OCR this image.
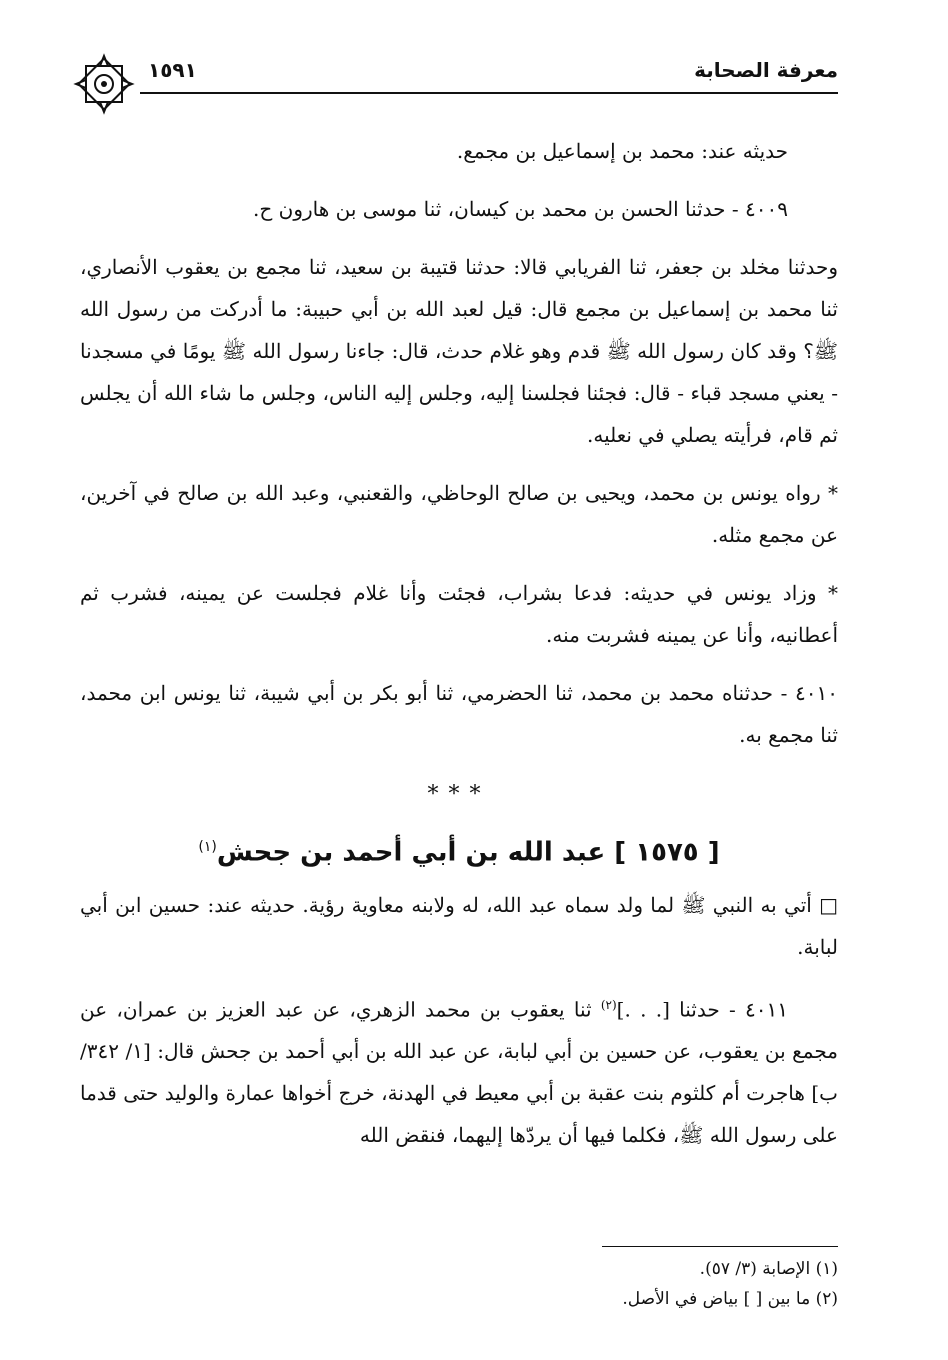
معرفة الصحابة
١٥٩١

حديثه عند: محمد بن إسماعيل بن مجمع.

٤٠٠٩ - حدثنا الحسن بن محمد بن كيسان، ثنا موسى بن هارون ح.

وحدثنا مخلد بن جعفر، ثنا الفريابي قالا: حدثنا قتيبة بن سعيد، ثنا مجمع بن يعقوب الأنصاري، ثنا محمد بن إسماعيل بن مجمع قال: قيل لعبد الله بن أبي حبيبة: ما أدركت من رسول الله ﷺ؟ وقد كان رسول الله ﷺ قدم وهو غلام حدث، قال: جاءنا رسول الله ﷺ يومًا في مسجدنا - يعني مسجد قباء - قال: فجئنا فجلسنا إليه، وجلس إليه الناس، وجلس ما شاء الله أن يجلس ثم قام، فرأيته يصلي في نعليه.

* رواه يونس بن محمد، ويحيى بن صالح الوحاظي، والقعنبي، وعبد الله بن صالح في آخرين، عن مجمع مثله.

* وزاد يونس في حديثه: فدعا بشراب، فجئت وأنا غلام فجلست عن يمينه، فشرب ثم أعطانيه، وأنا عن يمينه فشربت منه.

٤٠١٠ - حدثناه محمد بن محمد، ثنا الحضرمي، ثنا أبو بكر بن أبي شيبة، ثنا يونس ابن محمد، ثنا مجمع به.

***
[ ١٥٧٥ ] عبد الله بن أبي أحمد بن جحش$^{(١)}$

□ أتي به النبي ﷺ لما ولد سماه عبد الله، له ولابنه معاوية رؤية. حديثه عند: حسين ابن أبي لبابة.

٤٠١١ - حدثنا [. . .]$^{(٢)}$ ثنا يعقوب بن محمد الزهري، عن عبد العزيز بن عمران، عن مجمع بن يعقوب، عن حسين بن أبي لبابة، عن عبد الله بن أبي أحمد بن جحش قال: [١/ ٣٤٢/ ب] هاجرت أم كلثوم بنت عقبة بن أبي معيط في الهدنة، خرج أخواها عمارة والوليد حتى قدما على رسول الله ﷺ، فكلما فيها أن يردّها إليهما، فنقض الله

(١) الإصابة (٣/ ٥٧).
(٢) ما بين [ ] بياض في الأصل.
